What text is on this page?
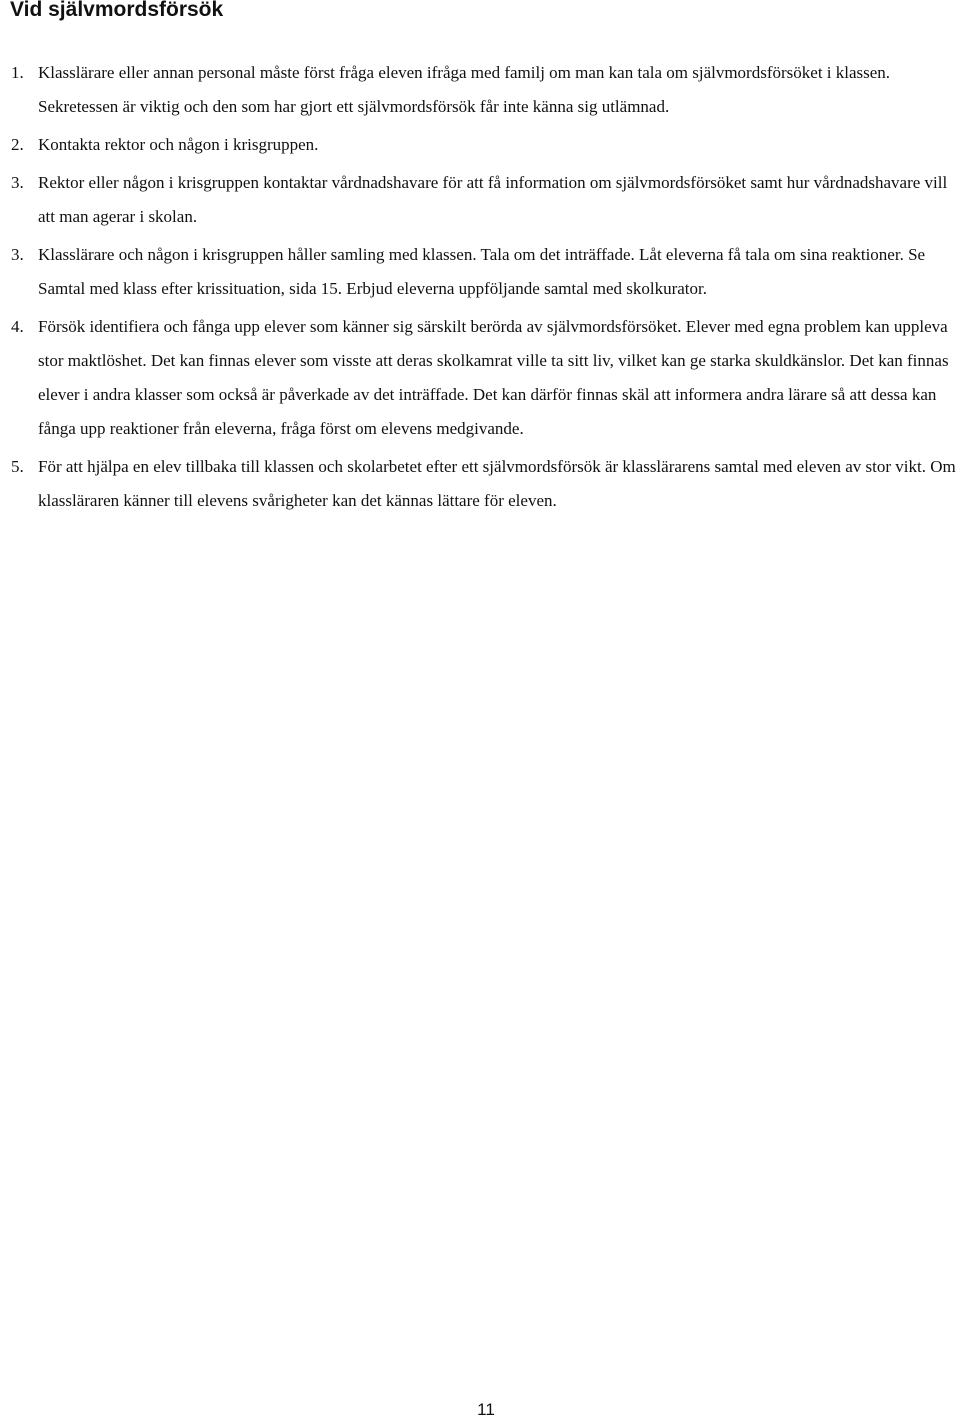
Vid självmordsförsök
1. Klasslärare eller annan personal måste först fråga eleven ifråga med familj om man kan tala om självmordsförsöket i klassen. Sekretessen är viktig och den som har gjort ett självmordsförsök får inte känna sig utlämnad.
2. Kontakta rektor och någon i krisgruppen.
3. Rektor eller någon i krisgruppen kontaktar vårdnadshavare för att få information om självmordsförsöket samt hur vårdnadshavare vill att man agerar i skolan.
3. Klasslärare och någon i krisgruppen håller samling med klassen. Tala om det inträffade. Låt eleverna få tala om sina reaktioner. Se Samtal med klass efter krissituation, sida 15. Erbjud eleverna uppföljande samtal med skolkurator.
4. Försök identifiera och fånga upp elever som känner sig särskilt berörda av självmordsförsöket. Elever med egna problem kan uppleva stor maktlöshet. Det kan finnas elever som visste att deras skolkamrat ville ta sitt liv, vilket kan ge starka skuldkänslor. Det kan finnas elever i andra klasser som också är påverkade av det inträffade. Det kan därför finnas skäl att informera andra lärare så att dessa kan fånga upp reaktioner från eleverna, fråga först om elevens medgivande.
5. För att hjälpa en elev tillbaka till klassen och skolarbetet efter ett självmordsförsök är klasslärarens samtal med eleven av stor vikt. Om klassläraren känner till elevens svårigheter kan det kännas lättare för eleven.
11
